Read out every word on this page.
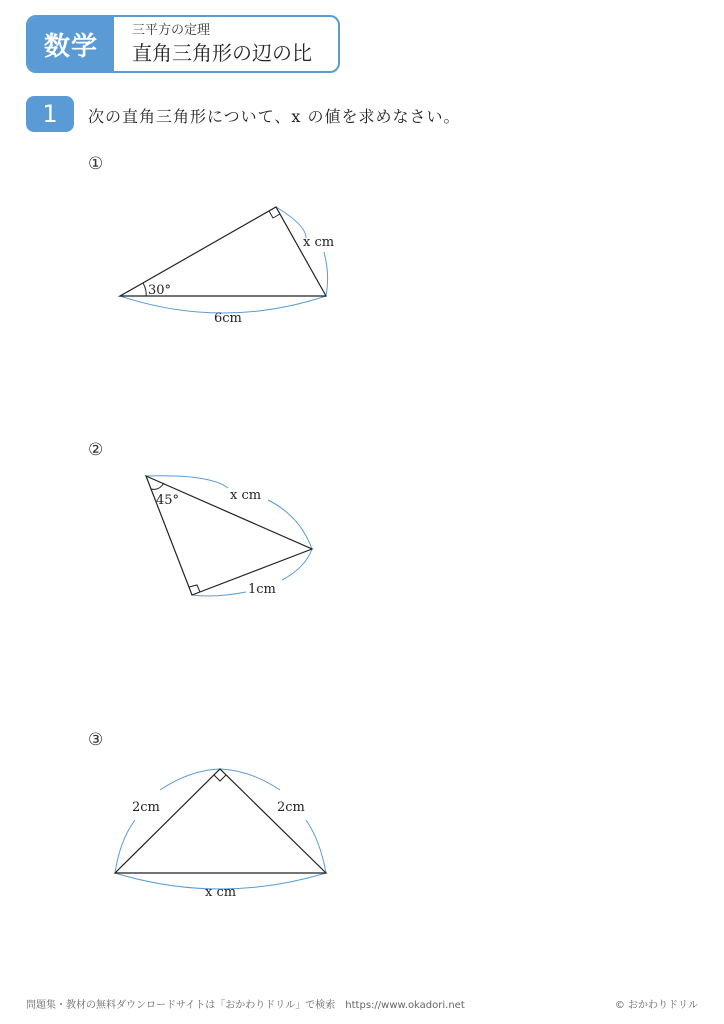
数学
三平方の定理
直角三角形の辺の比
1	次の直角三角形について、x の値を求めなさい。
①
②
③
30°
6cm
x cm
45°	x cm
1cm
2cm	2cm
x cm
問題集・教材の無料ダウンロードサイトは「おかわりドリル」で検索　https://www.okadori.net	© おかわりドリル
